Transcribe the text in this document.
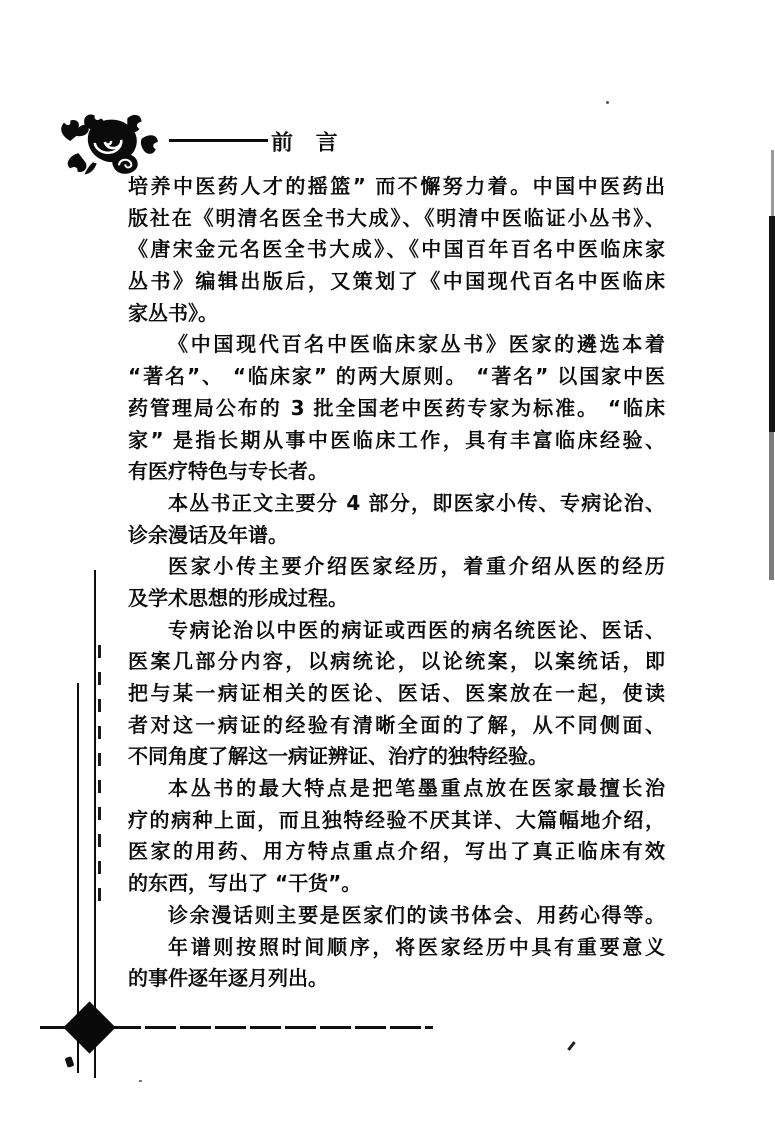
前 言
培养中医药人才的摇篮” 而不懈努力着。中国中医药出
版社在《明清名医全书大成》、《明清中医临证小丛书》、
《唐宋金元名医全书大成》、《中国百年百名中医临床家
丛书》编辑出版后，又策划了《中国现代百名中医临床
家丛书》。
《中国现代百名中医临床家丛书》医家的遴选本着
“著名”、 “临床家” 的两大原则。 “著名” 以国家中医
药管理局公布的 3 批全国老中医药专家为标准。 “临床
家” 是指长期从事中医临床工作，具有丰富临床经验、
有医疗特色与专长者。
本丛书正文主要分 4 部分，即医家小传、专病论治、
诊余漫话及年谱。
医家小传主要介绍医家经历，着重介绍从医的经历
及学术思想的形成过程。
专病论治以中医的病证或西医的病名统医论、医话、
医案几部分内容，以病统论，以论统案，以案统话，即
把与某一病证相关的医论、医话、医案放在一起，使读
者对这一病证的经验有清晰全面的了解，从不同侧面、
不同角度了解这一病证辨证、治疗的独特经验。
本丛书的最大特点是把笔墨重点放在医家最擅长治
疗的病种上面，而且独特经验不厌其详、大篇幅地介绍，
医家的用药、用方特点重点介绍，写出了真正临床有效
的东西，写出了 “干货”。
诊余漫话则主要是医家们的读书体会、用药心得等。
年谱则按照时间顺序，将医家经历中具有重要意义
的事件逐年逐月列出。
